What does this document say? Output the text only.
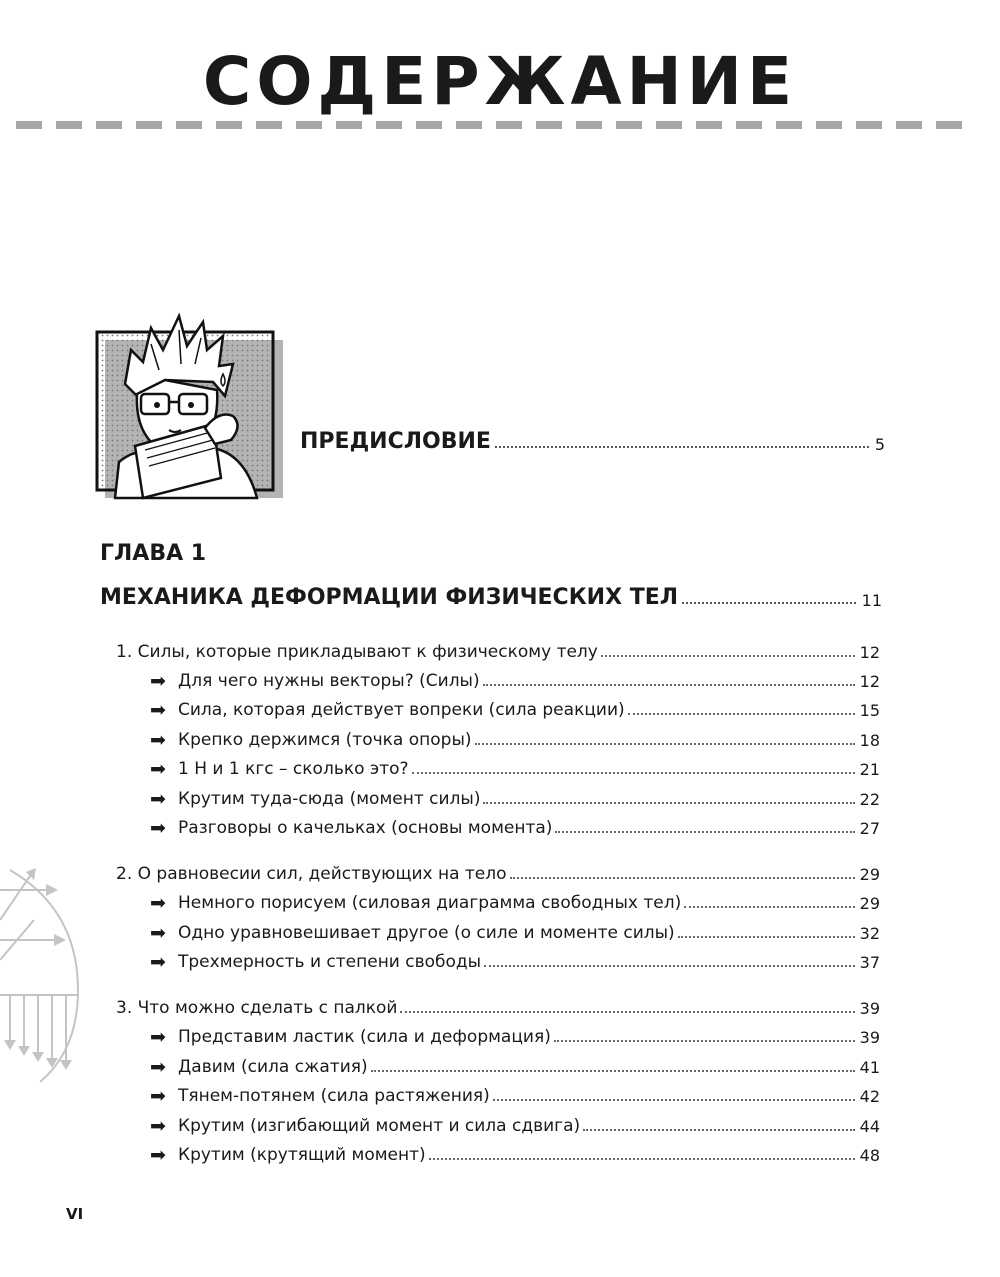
СОДЕРЖАНИЕ
ПРЕДИСЛОВИЕ	5
ГЛАВА 1
МЕХАНИКА ДЕФОРМАЦИИ ФИЗИЧЕСКИХ ТЕЛ	11
1. Силы, которые прикладывают к физическому телу	12
➡ Для чего нужны векторы? (Силы)	12
➡ Сила, которая действует вопреки (сила реакции)	15
➡ Крепко держимся (точка опоры)	18
➡ 1 Н и 1 кгс – сколько это?	21
➡ Крутим туда-сюда (момент силы)	22
➡ Разговоры о качельках (основы момента)	27
2. О равновесии сил, действующих на тело	29
➡ Немного порисуем (силовая диаграмма свободных тел)	29
➡ Одно уравновешивает другое (о силе и моменте силы)	32
➡ Трехмерность и степени свободы	37
3. Что можно сделать с палкой	39
➡ Представим ластик (сила и деформация)	39
➡ Давим (сила сжатия)	41
➡ Тянем-потянем (сила растяжения)	42
➡ Крутим (изгибающий момент и сила сдвига)	44
➡ Крутим (крутящий момент)	48
VI
